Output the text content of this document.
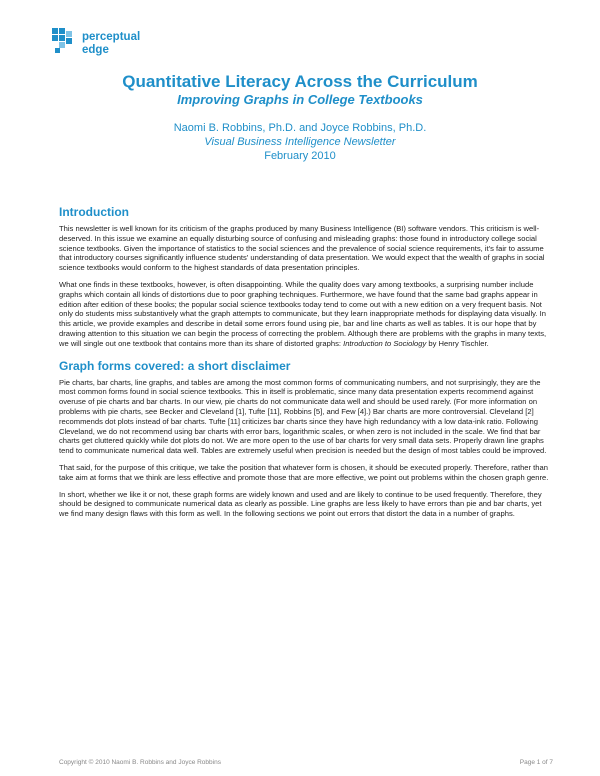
perceptual
edge
Quantitative Literacy Across the Curriculum
Improving Graphs in College Textbooks
Naomi B. Robbins, Ph.D. and Joyce Robbins, Ph.D.
Visual Business Intelligence Newsletter
February 2010
Introduction

This newsletter is well known for its criticism of the graphs produced by many Business Intelligence (BI) software vendors. This criticism is well-deserved. In this issue we examine an equally disturbing source of confusing and misleading graphs: those found in introductory college social science textbooks. Given the importance of statistics to the social sciences and the prevalence of social science requirements, it's fair to assume that introductory courses significantly influence students' understanding of data presentation. We would expect that the wealth of graphs in social science textbooks would conform to the highest standards of data presentation principles.

What one finds in these textbooks, however, is often disappointing. While the quality does vary among textbooks, a surprising number include graphs which contain all kinds of distortions due to poor graphing techniques. Furthermore, we have found that the same bad graphs appear in edition after edition of these books; the popular social science textbooks today tend to come out with a new edition on a very frequent basis. Not only do students miss substantively what the graph attempts to communicate, but they learn inappropriate methods for displaying data visually. In this article, we provide examples and describe in detail some errors found using pie, bar and line charts as well as tables. It is our hope that by drawing attention to this situation we can begin the process of correcting the problem. Although there are problems with the graphs in many texts, we will single out one textbook that contains more than its share of distorted graphs: Introduction to Sociology by Henry Tischler.

Graph forms covered: a short disclaimer

Pie charts, bar charts, line graphs, and tables are among the most common forms of communicating numbers, and not surprisingly, they are the most common forms found in social science textbooks. This in itself is problematic, since many data presentation experts recommend against overuse of pie charts and bar charts. In our view, pie charts do not communicate data well and should be used rarely. (For more information on problems with pie charts, see Becker and Cleveland [1], Tufte [11], Robbins [5], and Few [4].) Bar charts are more controversial. Cleveland [2] recommends dot plots instead of bar charts. Tufte [11] criticizes bar charts since they have high redundancy with a low data-ink ratio. Following Cleveland, we do not recommend using bar charts with error bars, logarithmic scales, or when zero is not included in the scale. We find that bar charts get cluttered quickly while dot plots do not. We are more open to the use of bar charts for very small data sets. Properly drawn line graphs tend to communicate numerical data well. Tables are extremely useful when precision is needed but the design of most tables could be improved.

That said, for the purpose of this critique, we take the position that whatever form is chosen, it should be executed properly. Therefore, rather than take aim at forms that we think are less effective and promote those that are more effective, we point out problems within the chosen graph genre.

In short, whether we like it or not, these graph forms are widely known and used and are likely to continue to be used frequently. Therefore, they should be designed to communicate numerical data as clearly as possible. Line graphs are less likely to have errors than pie and bar charts, yet we find many design flaws with this form as well. In the following sections we point out errors that distort the data in a number of graphs.

Copyright © 2010 Naomi B. Robbins and Joyce Robbins	Page 1 of 7
